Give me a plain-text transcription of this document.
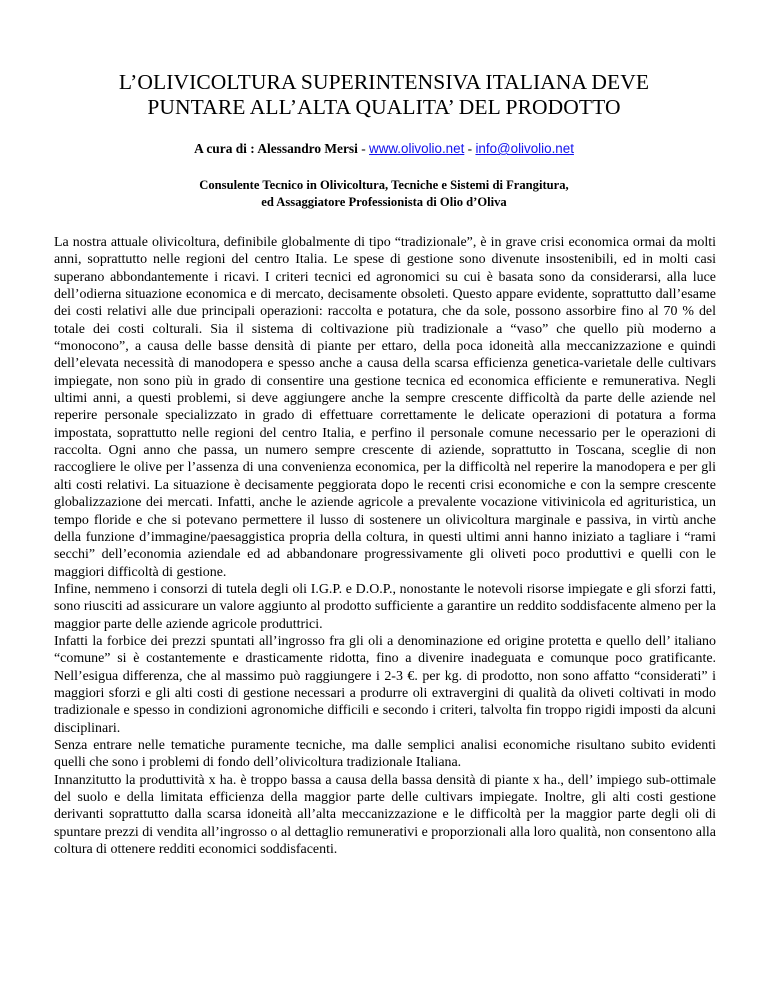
L’OLIVICOLTURA SUPERINTENSIVA ITALIANA DEVE
PUNTARE ALL’ALTA QUALITA’ DEL PRODOTTO
A cura di : Alessandro Mersi - www.olivolio.net - info@olivolio.net
Consulente Tecnico in Olivicoltura, Tecniche e Sistemi di Frangitura,
ed Assaggiatore Professionista di Olio d’Oliva

La nostra attuale olivicoltura, definibile globalmente di tipo “tradizionale”, è in grave crisi economica ormai da molti anni, soprattutto nelle regioni del centro Italia. Le spese di gestione sono divenute insostenibili, ed in molti casi superano abbondantemente i ricavi. I criteri tecnici ed agronomici su cui è basata sono da considerarsi, alla luce dell’odierna situazione economica e di mercato, decisamente obsoleti. Questo appare evidente, soprattutto dall’esame dei costi relativi alle due principali operazioni: raccolta e potatura, che da sole, possono assorbire fino al 70 % del totale dei costi colturali. Sia il sistema di coltivazione più tradizionale a “vaso” che quello più moderno a “monocono”, a causa delle basse densità di piante per ettaro, della poca idoneità alla meccanizzazione e quindi dell’elevata necessità di manodopera e spesso anche a causa della scarsa efficienza genetica-varietale delle cultivars impiegate, non sono più in grado di consentire una gestione tecnica ed economica efficiente e remunerativa. Negli ultimi anni, a questi problemi, si deve aggiungere anche la sempre crescente difficoltà da parte delle aziende nel reperire personale specializzato in grado di effettuare correttamente le delicate operazioni di potatura a forma impostata, soprattutto nelle regioni del centro Italia, e perfino il personale comune necessario per le operazioni di raccolta. Ogni anno che passa, un numero sempre crescente di aziende, soprattutto in Toscana, sceglie di non raccogliere le olive per l’assenza di una convenienza economica, per la difficoltà nel reperire la manodopera e per gli alti costi relativi. La situazione è decisamente peggiorata dopo le recenti crisi economiche e con la sempre crescente globalizzazione dei mercati. Infatti, anche le aziende agricole a prevalente vocazione vitivinicola ed agrituristica, un tempo floride e che si potevano permettere il lusso di sostenere un olivicoltura marginale e passiva, in virtù anche della funzione d’immagine/paesaggistica propria della coltura, in questi ultimi anni hanno iniziato a tagliare i “rami secchi” dell’economia aziendale ed ad abbandonare progressivamente gli oliveti poco produttivi e quelli con le maggiori difficoltà di gestione.

Infine, nemmeno i consorzi di tutela degli oli I.G.P. e D.O.P., nonostante le notevoli risorse impiegate e gli sforzi fatti, sono riusciti ad assicurare un valore aggiunto al prodotto sufficiente a garantire un reddito soddisfacente almeno per la maggior parte delle aziende agricole produttrici.

Infatti la forbice dei prezzi spuntati all’ingrosso fra gli oli a denominazione ed origine protetta e quello dell’ italiano “comune” si è costantemente e drasticamente ridotta, fino a divenire inadeguata e comunque poco gratificante. Nell’esigua differenza, che al massimo può raggiungere i 2-3 €. per kg. di prodotto, non sono affatto “considerati” i maggiori sforzi e gli alti costi di gestione necessari a produrre oli extravergini di qualità da oliveti coltivati in modo tradizionale e spesso in condizioni agronomiche difficili e secondo i criteri, talvolta fin troppo rigidi imposti da alcuni disciplinari.

Senza entrare nelle tematiche puramente tecniche, ma dalle semplici analisi economiche risultano subito evidenti quelli che sono i problemi di fondo dell’olivicoltura tradizionale Italiana.

Innanzitutto la produttività x ha. è troppo bassa a causa della bassa densità di piante x ha., dell’ impiego sub-ottimale del suolo e della limitata efficienza della maggior parte delle cultivars impiegate. Inoltre, gli alti costi gestione derivanti soprattutto dalla scarsa idoneità all’alta meccanizzazione e le difficoltà per la maggior parte degli oli di spuntare prezzi di vendita all’ingrosso o al dettaglio remunerativi e proporzionali alla loro qualità, non consentono alla coltura di ottenere redditi economici soddisfacenti.
